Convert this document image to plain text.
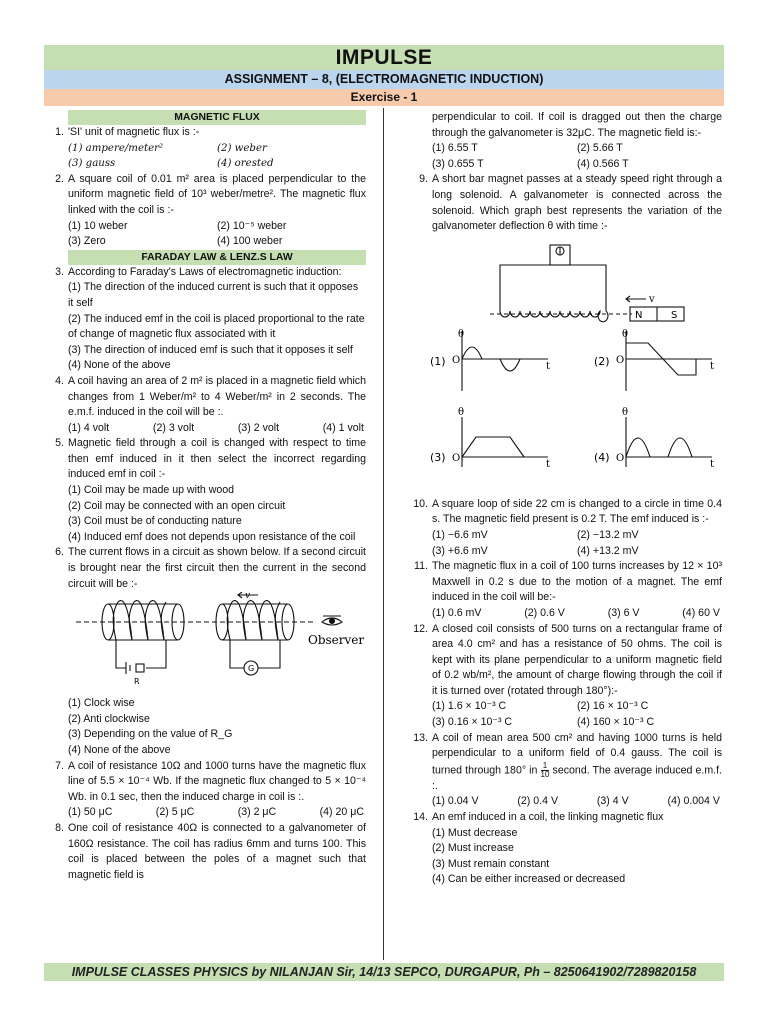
IMPULSE
ASSIGNMENT – 8, (ELECTROMAGNETIC INDUCTION)
Exercise - 1
MAGNETIC FLUX
1. 'SI' unit of magnetic flux is :-
(1) ampere/meter²	(2) weber
(3) gauss	(4) orested
2. A square coil of 0.01 m² area is placed perpendicular to the uniform magnetic field of 10³ weber/metre². The magnetic flux linked with the coil is :-
(1) 10 weber	(2) 10⁻⁵ weber
(3) Zero	(4) 100 weber
FARADAY LAW & LENZ.S LAW
3. According to Faraday's Laws of electromagnetic induction:
(1) The direction of the induced current is such that it opposes it self
(2) The induced emf in the coil is placed proportional to the rate of change of magnetic flux associated with it
(3) The direction of induced emf is such that it opposes it self
(4) None of the above
4. A coil having an area of 2 m² is placed in a magnetic field which changes from 1 Weber/m² to 4 Weber/m² in 2 seconds. The e.m.f. induced in the coil will be :.
(1) 4 volt	(2) 3 volt	(3) 2 volt	(4) 1 volt
5. Magnetic field through a coil is changed with respect to time then emf induced in it then select the incorrect regarding induced emf in coil :-
(1) Coil may be made up with wood
(2) Coil may be connected with an open circuit
(3) Coil must be of conducting nature
(4) Induced emf does not depends upon resistance of the coil
6. The current flows in a circuit as shown below. If a second circuit is brought near the first circuit then the current in the second circuit will be :-
v
Observer
R
G
(1) Clock wise
(2) Anti clockwise
(3) Depending on the value of R_G
(4) None of the above
7. A coil of resistance 10Ω and 1000 turns have the magnetic flux line of 5.5 × 10⁻⁴ Wb. If the magnetic flux changed to 5 × 10⁻⁴ Wb. in 0.1 sec, then the induced charge in coil is :.
(1) 50 μC	(2) 5 μC	(3) 2 μC	(4) 20 μC
8. One coil of resistance 40Ω is connected to a galvanometer of 160Ω resistance. The coil has radius 6mm and turns 100. This coil is placed between the poles of a magnet such that magnetic field is
perpendicular to coil. If coil is dragged out then the charge through the galvanometer is 32μC. The magnetic field is:-
(1) 6.55 T	(2) 5.66 T
(3) 0.655 T	(4) 0.566 T
9. A short bar magnet passes at a steady speed right through a long solenoid. A galvanometer is connected across the solenoid. Which graph best represents the variation of the galvanometer deflection θ with time :-
v
N	S
(1)	(2)
(3)	(4)
θ
O
t
θ
O
t
θ
O
t
θ
O
t
10. A square loop of side 22 cm is changed to a circle in time 0.4 s. The magnetic field present is 0.2 T. The emf induced is :-
(1) −6.6 mV	(2) −13.2 mV
(3) +6.6 mV	(4) +13.2 mV
11. The magnetic flux in a coil of 100 turns increases by 12 × 10³ Maxwell in 0.2 s due to the motion of a magnet. The emf induced in the coil will be:-
(1) 0.6 mV	(2) 0.6 V	(3) 6 V	(4) 60 V
12. A closed coil consists of 500 turns on a rectangular frame of area 4.0 cm² and has a resistance of 50 ohms. The coil is kept with its plane perpendicular to a uniform magnetic field of 0.2 wb/m², the amount of charge flowing through the coil if it is turned over (rotated through 180°):-
(1) 1.6 × 10⁻³ C	(2) 16 × 10⁻³ C
(3) 0.16 × 10⁻³ C	(4) 160 × 10⁻³ C
13. A coil of mean area 500 cm² and having 1000 turns is held perpendicular to a uniform field of 0.4 gauss. The coil is turned through 180° in $\frac{1}{10}$ second. The average induced e.m.f. :.
(1) 0.04 V	(2) 0.4 V	(3) 4 V	(4) 0.004 V
14. An emf induced in a coil, the linking magnetic flux
(1) Must decrease
(2) Must increase
(3) Must remain constant
(4) Can be either increased or decreased
IMPULSE CLASSES PHYSICS by NILANJAN Sir, 14/13 SEPCO, DURGAPUR, Ph – 8250641902/7289820158
